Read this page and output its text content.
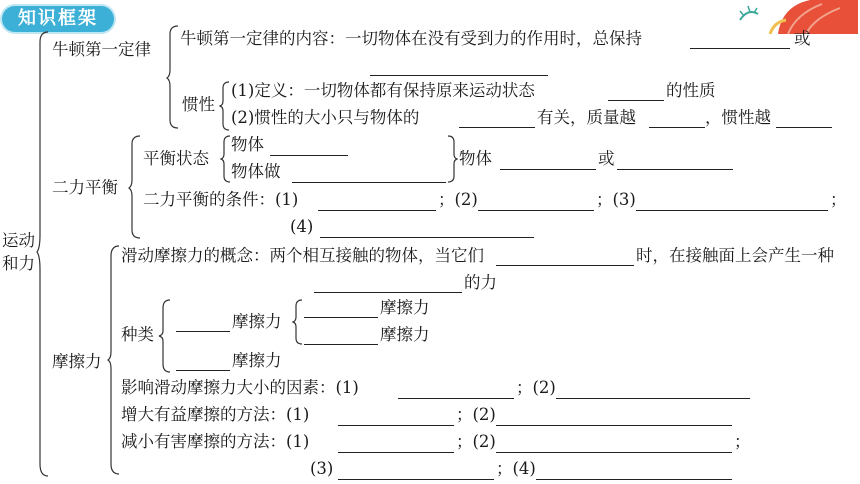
知识框架
运动
和力
牛顿第一定律
牛顿第一定律的内容：一切物体在没有受到力的作用时，总保持	或
惯性
(1)定义：一切物体都有保持原来运动状态	的性质
(2)惯性的大小只与物体的	有关，质量越	，惯性越
二力平衡
平衡状态
物体
物体做
物体	或
二力平衡的条件：(1)	；(2)	；(3)	；
(4)
摩擦力
滑动摩擦力的概念：两个相互接触的物体，当它们	时，在接触面上会产生一种
的力
种类
摩擦力
摩擦力
摩擦力
摩擦力
影响滑动摩擦力大小的因素：(1)	；(2)
增大有益摩擦的方法：(1)	；(2)
减小有害摩擦的方法：(1)	；(2)	；
(3)	；(4)
